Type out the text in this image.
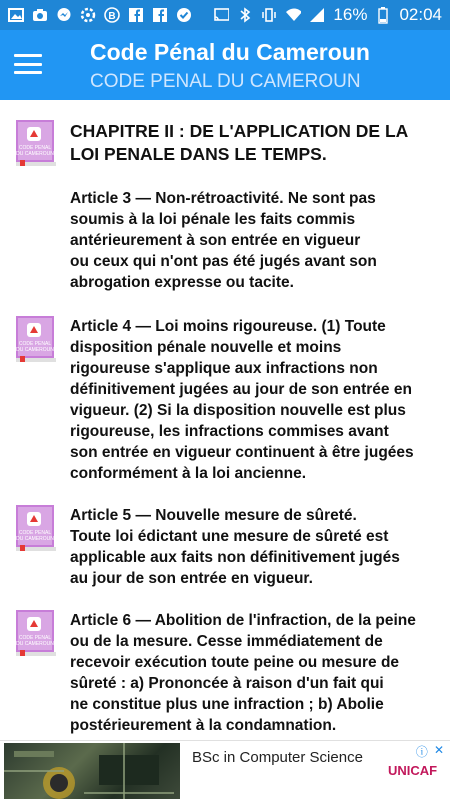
B	16% 02:04
Code Pénal du Cameroun
CODE PENAL DU CAMEROUN
CODE PENAL
DU CAMEROUN
CHAPITRE II : DE L'APPLICATION DE LA LOI PENALE DANS LE TEMPS.
Article 3 — Non-rétroactivité. Ne sont pas
soumis à la loi pénale les faits commis
antérieurement à son entrée en vigueur
ou ceux qui n'ont pas été jugés avant son
abrogation expresse ou tacite.
CODE PENAL
DU CAMEROUN
Article 4 — Loi moins rigoureuse. (1) Toute
disposition pénale nouvelle et moins
rigoureuse s'applique aux infractions non
définitivement jugées au jour de son entrée en
vigueur. (2) Si la disposition nouvelle est plus
rigoureuse, les infractions commises avant
son entrée en vigueur continuent à être jugées
conformément à la loi ancienne.
CODE PENAL
DU CAMEROUN
Article 5 — Nouvelle mesure de sûreté.
Toute loi édictant une mesure de sûreté est
applicable aux faits non définitivement jugés
au jour de son entrée en vigueur.
CODE PENAL
DU CAMEROUN
Article 6 — Abolition de l'infraction, de la peine
ou de la mesure. Cesse immédiatement de
recevoir exécution toute peine ou mesure de
sûreté : a) Prononcée à raison d'un fait qui
ne constitue plus une infraction ; b) Abolie
postérieurement à la condamnation.
BSc in Computer Science
UNICAF
ⓘ ✕
